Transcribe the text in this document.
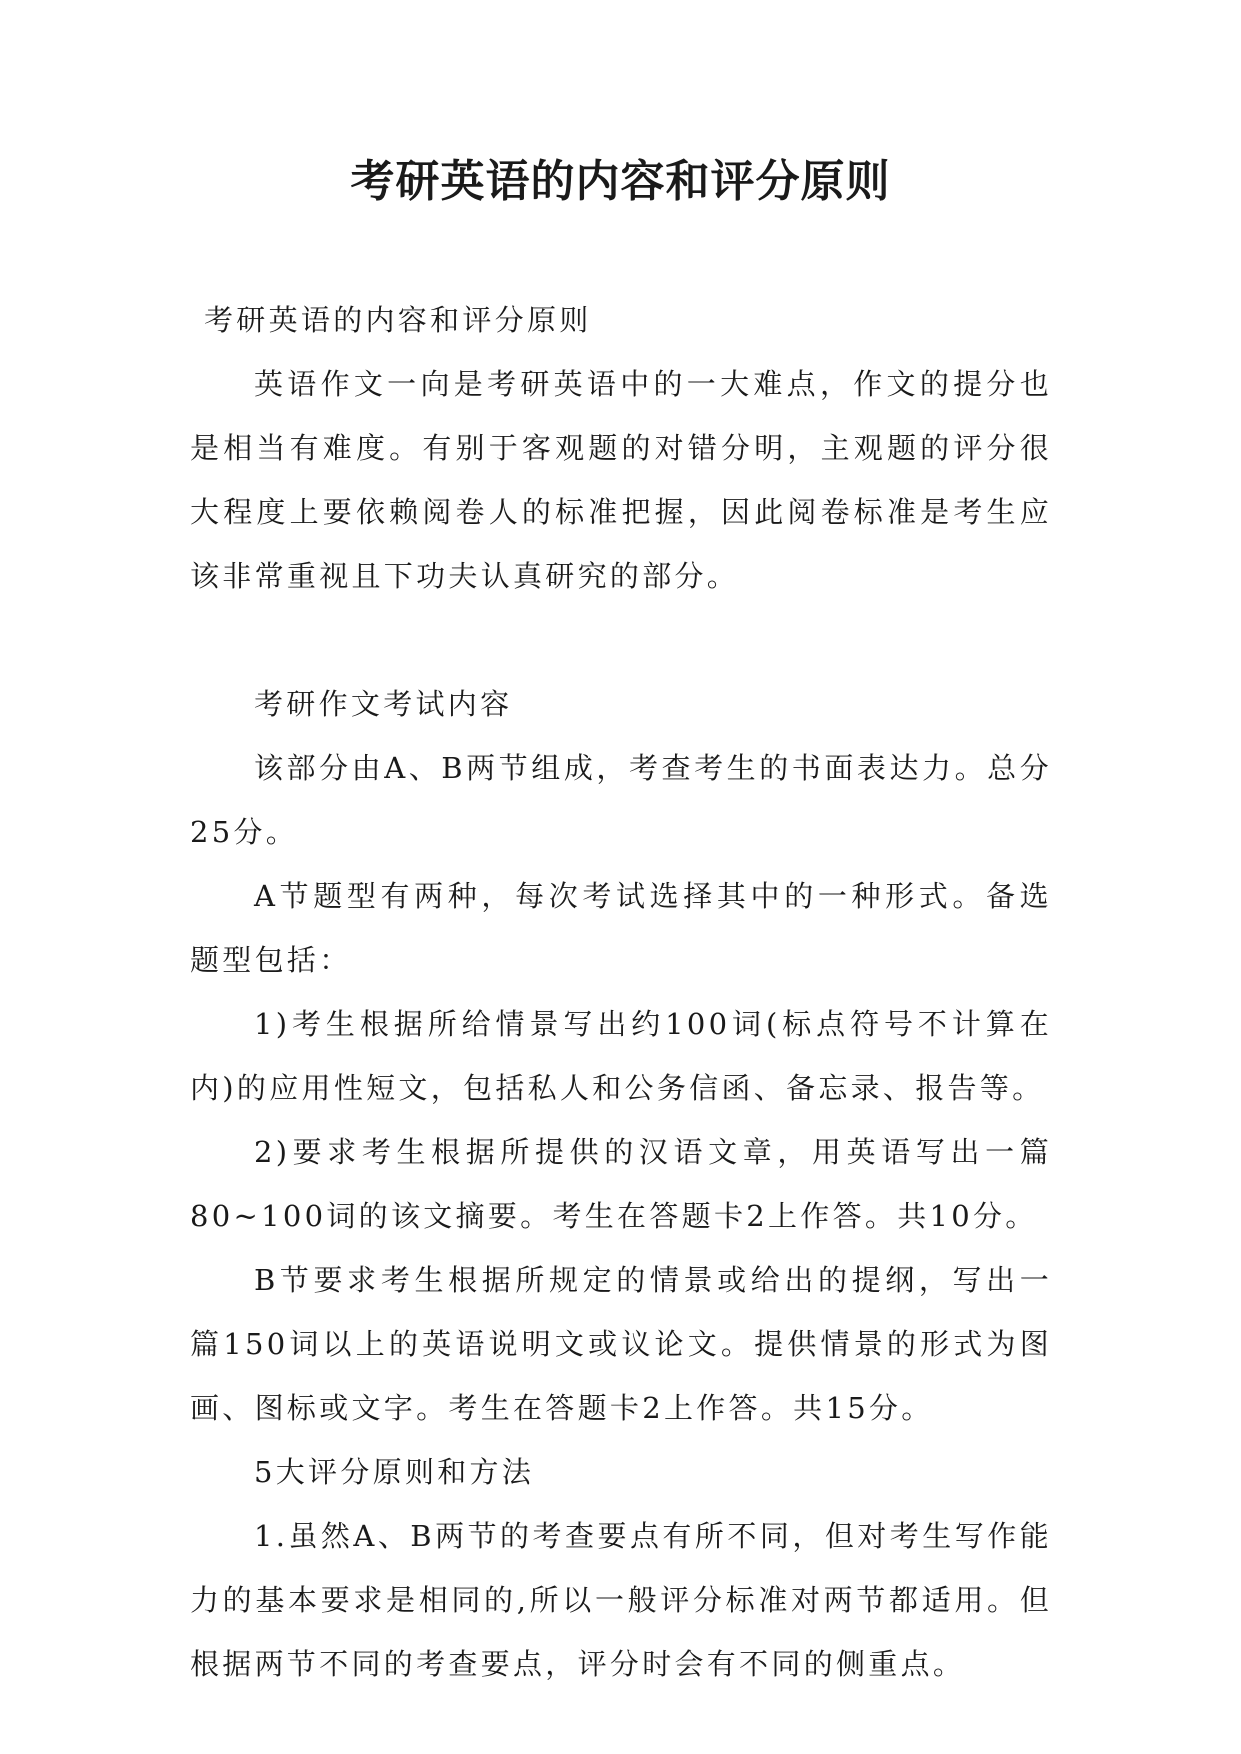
考研英语的内容和评分原则

考研英语的内容和评分原则

英语作文一向是考研英语中的一大难点，作文的提分也是相当有难度。有别于客观题的对错分明，主观题的评分很大程度上要依赖阅卷人的标准把握，因此阅卷标准是考生应该非常重视且下功夫认真研究的部分。

考研作文考试内容

该部分由A、B两节组成，考查考生的书面表达力。总分25分。

A节题型有两种，每次考试选择其中的一种形式。备选题型包括：

1)考生根据所给情景写出约100词(标点符号不计算在内)的应用性短文，包括私人和公务信函、备忘录、报告等。

2)要求考生根据所提供的汉语文章，用英语写出一篇80~100词的该文摘要。考生在答题卡2上作答。共10分。

B节要求考生根据所规定的情景或给出的提纲，写出一篇150词以上的英语说明文或议论文。提供情景的形式为图画、图标或文字。考生在答题卡2上作答。共15分。

5大评分原则和方法

1.虽然A、B两节的考查要点有所不同，但对考生写作能力的基本要求是相同的,所以一般评分标准对两节都适用。但根据两节不同的考查要点，评分时会有不同的侧重点。
